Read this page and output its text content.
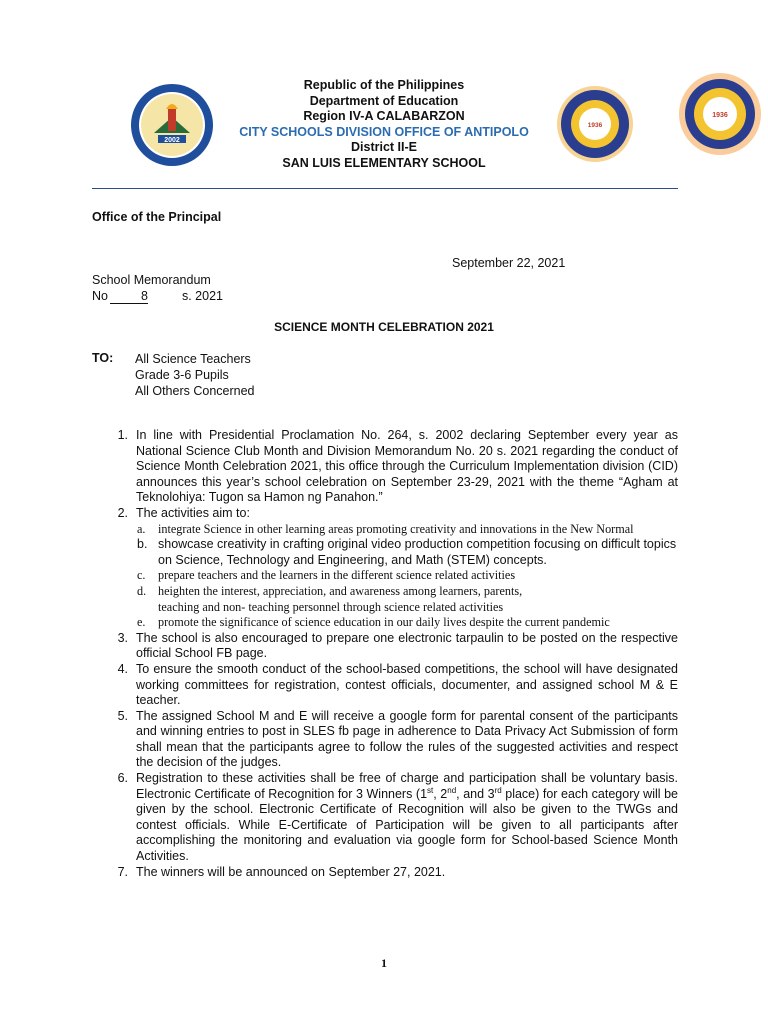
2002
1936
1936
Republic of the Philippines
Department of Education
Region IV-A CALABARZON
CITY SCHOOLS DIVISION OFFICE OF ANTIPOLO
District II-E
SAN LUIS ELEMENTARY SCHOOL
Office of the Principal
September 22, 2021
School Memorandum
No	8	s. 2021
SCIENCE MONTH CELEBRATION 2021
TO: All Science Teachers
Grade 3-6 Pupils
All Others Concerned
1. In line with Presidential Proclamation No. 264, s. 2002 declaring September every year as National Science Club Month and Division Memorandum No. 20 s. 2021 regarding the conduct of Science Month Celebration 2021, this office through the Curriculum Implementation division (CID) announces this year’s school celebration on September 23-29, 2021 with the theme “Agham at Teknolohiya: Tugon sa Hamon ng Panahon.”
2. The activities aim to:
a. integrate Science in other learning areas promoting creativity and innovations in the New Normal
b. showcase creativity in crafting original video production competition focusing on difficult topics on Science, Technology and Engineering, and Math (STEM) concepts.
c. prepare teachers and the learners in the different science related activities
d. heighten the interest, appreciation, and awareness among learners, parents,
teaching and non- teaching personnel through science related activities
e. promote the significance of science education in our daily lives despite the current pandemic
3. The school is also encouraged to prepare one electronic tarpaulin to be posted on the respective official School FB page.
4. To ensure the smooth conduct of the school-based competitions, the school will have designated working committees for registration, contest officials, documenter, and assigned school M & E teacher.
5. The assigned School M and E will receive a google form for parental consent of the participants and winning entries to post in SLES fb page in adherence to Data Privacy Act Submission of form shall mean that the participants agree to follow the rules of the suggested activities and respect the decision of the judges.
6. Registration to these activities shall be free of charge and participation shall be voluntary basis. Electronic Certificate of Recognition for 3 Winners (1st, 2nd, and 3rd place) for each category will be given by the school. Electronic Certificate of Recognition will also be given to the TWGs and contest officials. While E-Certificate of Participation will be given to all participants after accomplishing the monitoring and evaluation via google form for School-based Science Month Activities.
7. The winners will be announced on September 27, 2021.
1
